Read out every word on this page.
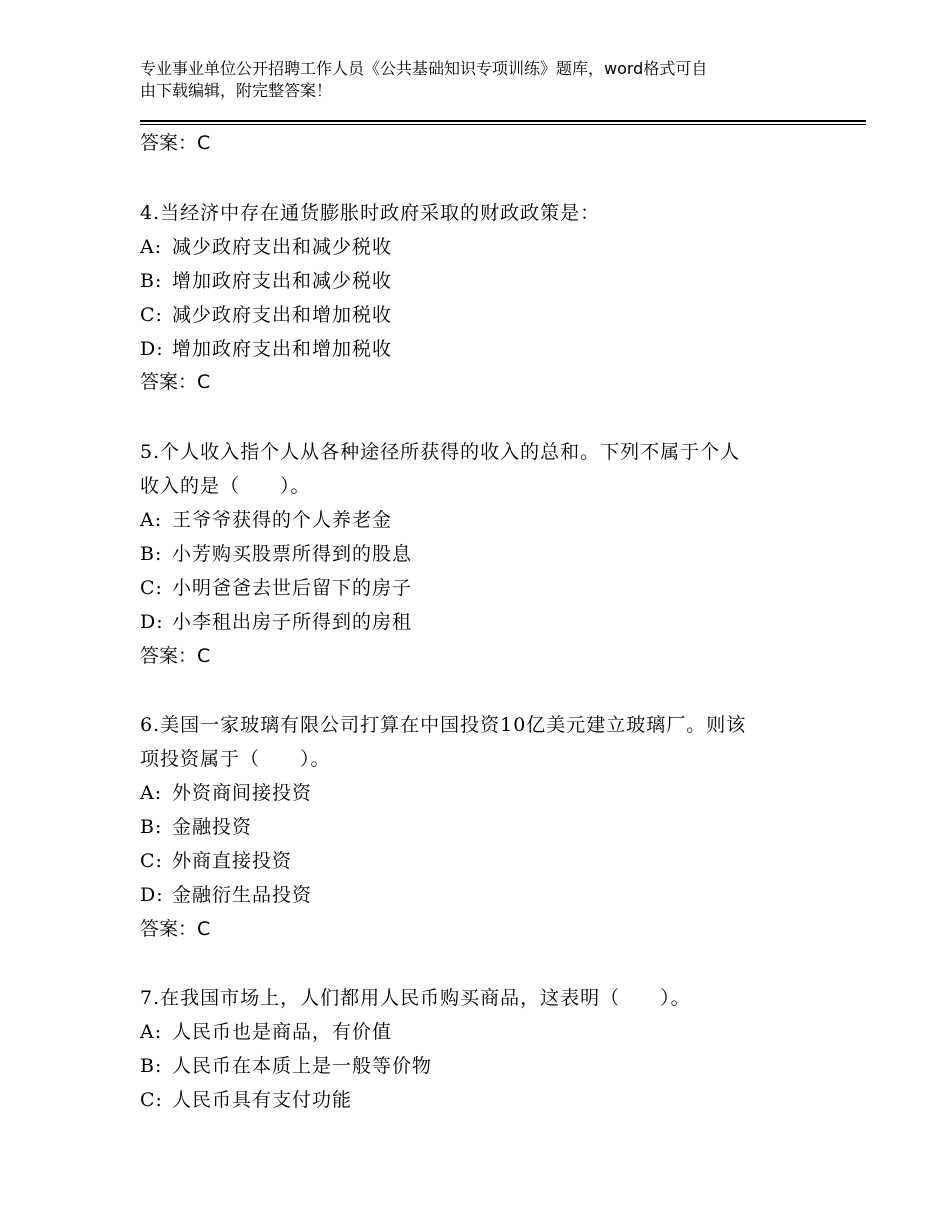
专业事业单位公开招聘工作人员《公共基础知识专项训练》题库，word格式可自
由下载编辑，附完整答案！
答案：C
4.当经济中存在通货膨胀时政府采取的财政政策是：
A: 减少政府支出和减少税收
B: 增加政府支出和减少税收
C: 减少政府支出和增加税收
D: 增加政府支出和增加税收
答案：C
5.个人收入指个人从各种途径所获得的收入的总和。下列不属于个人
收入的是（　　）。
A: 王爷爷获得的个人养老金
B: 小芳购买股票所得到的股息
C: 小明爸爸去世后留下的房子
D: 小李租出房子所得到的房租
答案：C
6.美国一家玻璃有限公司打算在中国投资10亿美元建立玻璃厂。则该
项投资属于（　　）。
A: 外资商间接投资
B: 金融投资
C: 外商直接投资
D: 金融衍生品投资
答案：C
7.在我国市场上，人们都用人民币购买商品，这表明（　　）。
A: 人民币也是商品，有价值
B: 人民币在本质上是一般等价物
C: 人民币具有支付功能
